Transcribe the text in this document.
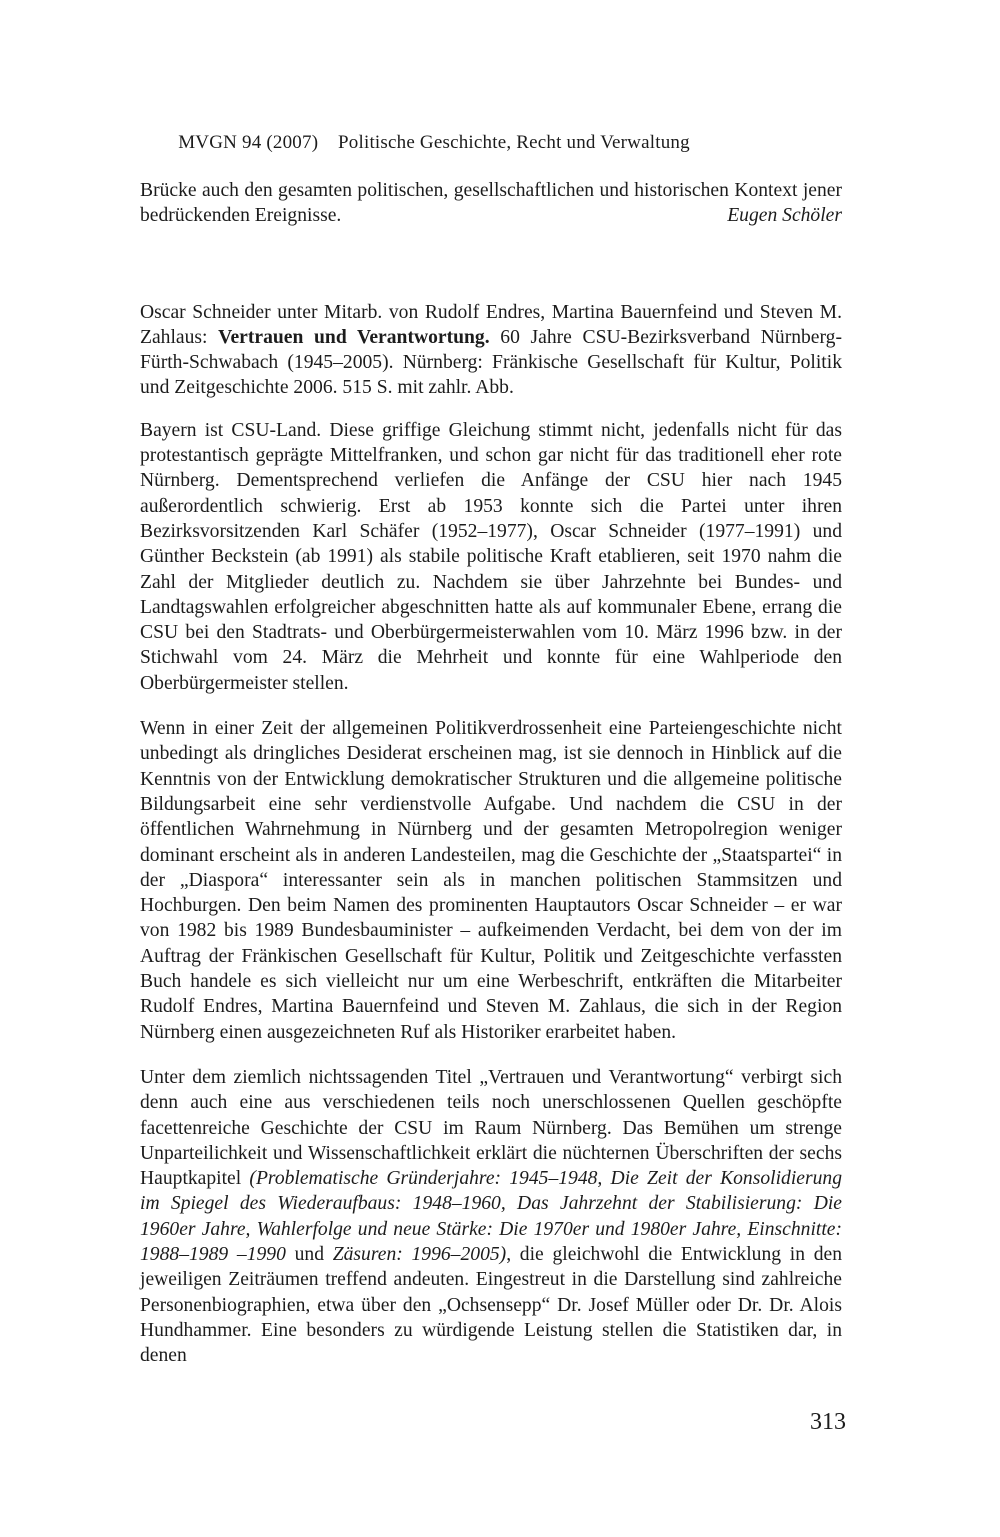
MVGN 94 (2007) Politische Geschichte, Recht und Verwaltung

Brücke auch den gesamten politischen, gesellschaftlichen und historischen Kontext jener bedrückenden Ereignisse.	Eugen Schöler

Oscar Schneider unter Mitarb. von Rudolf Endres, Martina Bauernfeind und Steven M. Zahlaus: Vertrauen und Verantwortung. 60 Jahre CSU-Bezirksverband Nürnberg-Fürth-Schwabach (1945–2005). Nürnberg: Fränkische Gesellschaft für Kultur, Politik und Zeitgeschichte 2006. 515 S. mit zahlr. Abb.

Bayern ist CSU-Land. Diese griffige Gleichung stimmt nicht, jedenfalls nicht für das protestantisch geprägte Mittelfranken, und schon gar nicht für das traditionell eher rote Nürnberg. Dementsprechend verliefen die Anfänge der CSU hier nach 1945 außerordentlich schwierig. Erst ab 1953 konnte sich die Partei unter ihren Bezirksvorsitzenden Karl Schäfer (1952–1977), Oscar Schneider (1977–1991) und Günther Beckstein (ab 1991) als stabile politische Kraft etablieren, seit 1970 nahm die Zahl der Mitglieder deutlich zu. Nachdem sie über Jahrzehnte bei Bundes- und Landtagswahlen erfolgreicher abgeschnitten hatte als auf kommunaler Ebene, errang die CSU bei den Stadtrats- und Oberbürgermeisterwahlen vom 10. März 1996 bzw. in der Stichwahl vom 24. März die Mehrheit und konnte für eine Wahlperiode den Oberbürgermeister stellen.

Wenn in einer Zeit der allgemeinen Politikverdrossenheit eine Parteiengeschichte nicht unbedingt als dringliches Desiderat erscheinen mag, ist sie dennoch in Hinblick auf die Kenntnis von der Entwicklung demokratischer Strukturen und die allgemeine politische Bildungsarbeit eine sehr verdienstvolle Aufgabe. Und nachdem die CSU in der öffentlichen Wahrnehmung in Nürnberg und der gesamten Metropolregion weniger dominant erscheint als in anderen Landesteilen, mag die Geschichte der „Staatspartei“ in der „Diaspora“ interessanter sein als in manchen politischen Stammsitzen und Hochburgen. Den beim Namen des prominenten Hauptautors Oscar Schneider – er war von 1982 bis 1989 Bundesbauminister – aufkeimenden Verdacht, bei dem von der im Auftrag der Fränkischen Gesellschaft für Kultur, Politik und Zeitgeschichte verfassten Buch handele es sich vielleicht nur um eine Werbeschrift, entkräften die Mitarbeiter Rudolf Endres, Martina Bauernfeind und Steven M. Zahlaus, die sich in der Region Nürnberg einen ausgezeichneten Ruf als Historiker erarbeitet haben.

Unter dem ziemlich nichtssagenden Titel „Vertrauen und Verantwortung“ verbirgt sich denn auch eine aus verschiedenen teils noch unerschlossenen Quellen geschöpfte facettenreiche Geschichte der CSU im Raum Nürnberg. Das Bemühen um strenge Unparteilichkeit und Wissenschaftlichkeit erklärt die nüchternen Überschriften der sechs Hauptkapitel (Problematische Gründerjahre: 1945–1948, Die Zeit der Konsolidierung im Spiegel des Wiederaufbaus: 1948–1960, Das Jahrzehnt der Stabilisierung: Die 1960er Jahre, Wahlerfolge und neue Stärke: Die 1970er und 1980er Jahre, Einschnitte: 1988–1989 –1990 und Zäsuren: 1996–2005), die gleichwohl die Entwicklung in den jeweiligen Zeiträumen treffend andeuten. Eingestreut in die Darstellung sind zahlreiche Personenbiographien, etwa über den „Ochsensepp“ Dr. Josef Müller oder Dr. Dr. Alois Hundhammer. Eine besonders zu würdigende Leistung stellen die Statistiken dar, in denen

313
